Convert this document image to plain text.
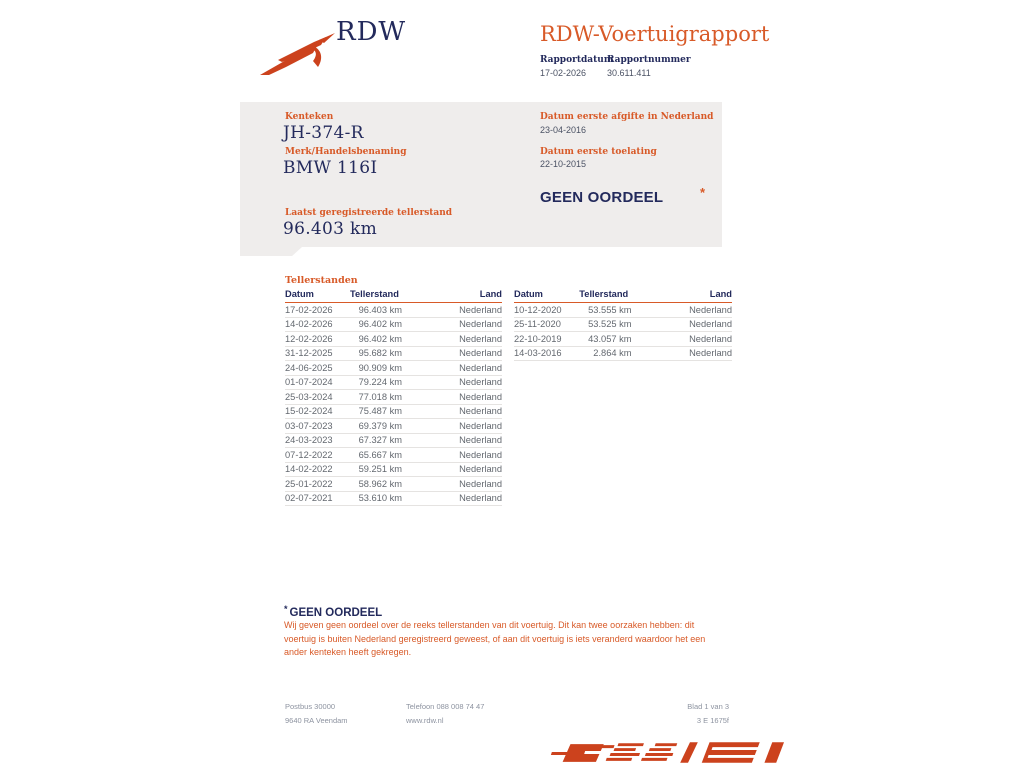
RDW	RDW-Voertuigrapport
Rapportdatum
Rapportnummer
17-02-2026 30.611.411
Kenteken
JH-374-R
Merk/Handelsbenaming
BMW 116I
Datum eerste afgifte in Nederland
23-04-2016
Datum eerste toelating
22-10-2015
GEEN OORDEEL	*
Laatst geregistreerde tellerstand
96.403 km
Tellerstanden
Datum	Tellerstand	Land
17-02-2026	96.403 km	Nederland
14-02-2026	96.402 km	Nederland
12-02-2026	96.402 km	Nederland
31-12-2025	95.682 km	Nederland
24-06-2025	90.909 km	Nederland
01-07-2024	79.224 km	Nederland
25-03-2024	77.018 km	Nederland
15-02-2024	75.487 km	Nederland
03-07-2023	69.379 km	Nederland
24-03-2023	67.327 km	Nederland
07-12-2022	65.667 km	Nederland
14-02-2022	59.251 km	Nederland
25-01-2022	58.962 km	Nederland
02-07-2021	53.610 km	Nederland
Datum	Tellerstand	Land
10-12-2020	53.555 km	Nederland
25-11-2020	53.525 km	Nederland
22-10-2019	43.057 km	Nederland
14-03-2016	2.864 km	Nederland
* GEEN OORDEEL
Wij geven geen oordeel over de reeks tellerstanden van dit voertuig. Dit kan twee oorzaken hebben: dit voertuig is buiten Nederland geregistreerd geweest, of aan dit voertuig is iets veranderd waardoor het een ander kenteken heeft gekregen.
Postbus 30000
9640 RA Veendam
Telefoon 088 008 74 47
www.rdw.nl
Blad 1 van 3
3 E 1675f
